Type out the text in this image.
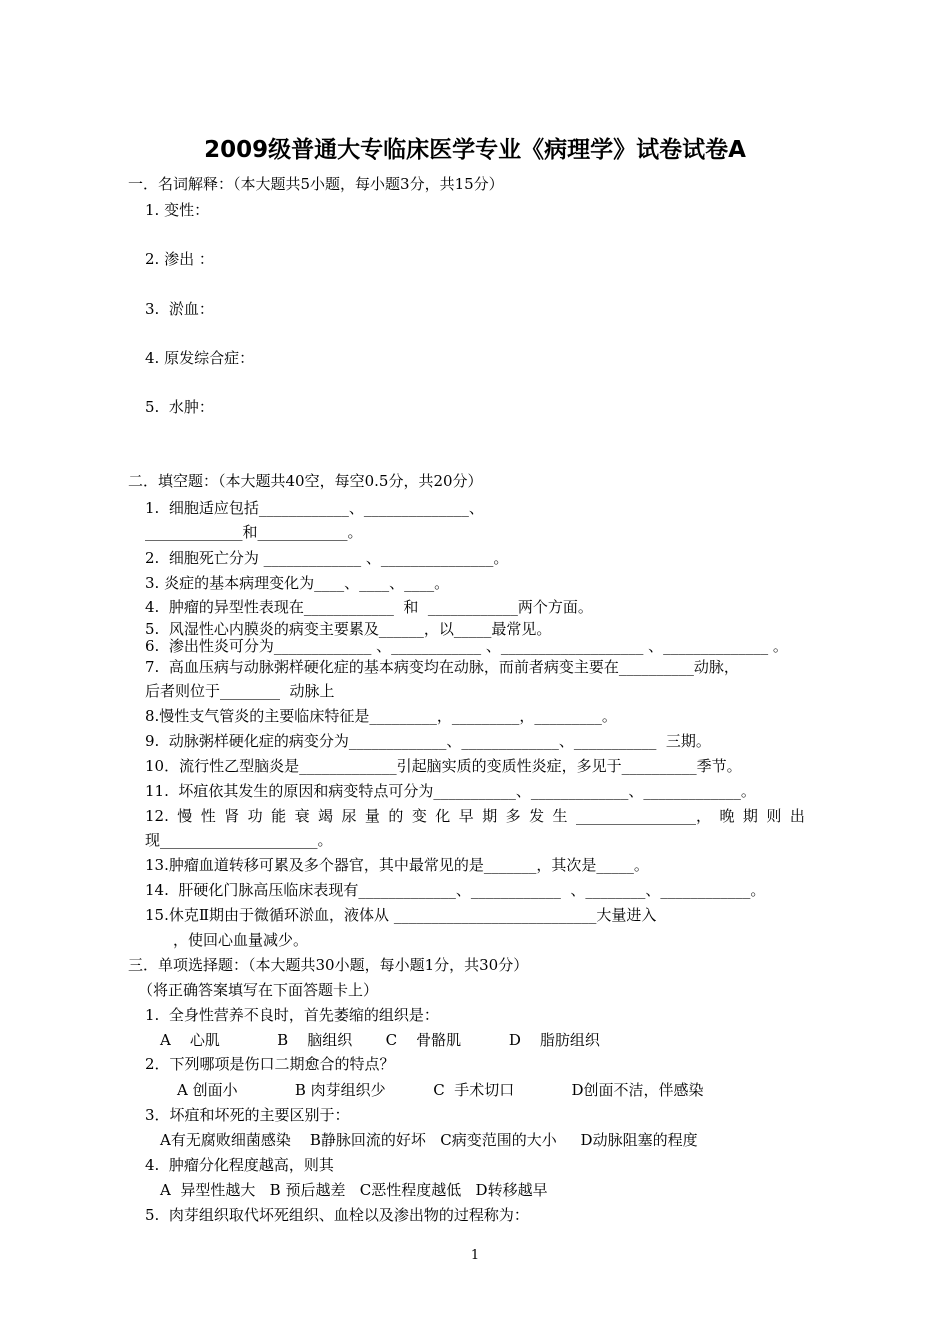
2009级普通大专临床医学专业《病理学》试卷试卷A
一．名词解释：（本大题共5小题，每小题3分，共15分）
1. 变性：
2. 渗出 ：
3.  淤血：
4. 原发综合症：
5.  水肿：
二．填空题：（本大题共40空，每空0.5分，共20分）
1.  细胞适应包括____________、______________、
_____________和____________。
2.  细胞死亡分为 _____________ 、_______________。
3. 炎症的基本病理变化为____、____、____。
4.  肿瘤的异型性表现在____________  和  ____________两个方面。
5.  风湿性心内膜炎的病变主要累及______，以_____最常见。
6.  渗出性炎可分为_____________ 、____________ 、___________________ 、______________ 。
7.  高血压病与动脉粥样硬化症的基本病变均在动脉，而前者病变主要在__________动脉，
后者则位于________  动脉上
8.慢性支气管炎的主要临床特征是_________，_________，_________。
9.  动脉粥样硬化症的病变分为_____________、_____________、___________  三期。
10．流行性乙型脑炎是_____________引起脑实质的变质性炎症，多见于__________季节。
11.  坏疽依其发生的原因和病变特点可分为___________、_____________、_____________。
12. 慢 性 肾 功 能 衰 竭 尿 量 的 变 化 早 期 多 发 生 ________________， 晚 期 则 出
现_____________________。
13.肿瘤血道转移可累及多个器官，其中最常见的是_______，其次是_____。
14.  肝硬化门脉高压临床表现有_____________、____________  、________、____________。
15.休克Ⅱ期由于微循环淤血，液体从 ___________________________大量进入
，使回心血量减少。
三．单项选择题：（本大题共30小题，每小题1分，共30分）
（将正确答案填写在下面答题卡上）
1.  全身性营养不良时，首先萎缩的组织是：
A    心肌            B    脑组织       C    骨骼肌          D    脂肪组织
2．下列哪项是伤口二期愈合的特点？
A 创面小            B 肉芽组织少          C  手术切口            D创面不洁，伴感染
3．坏疽和坏死的主要区别于：
A有无腐败细菌感染    B静脉回流的好坏   C病变范围的大小     D动脉阻塞的程度
4.  肿瘤分化程度越高，则其
A  异型性越大   B 预后越差   C恶性程度越低   D转移越早
5.  肉芽组织取代坏死组织、血栓以及渗出物的过程称为：
1
